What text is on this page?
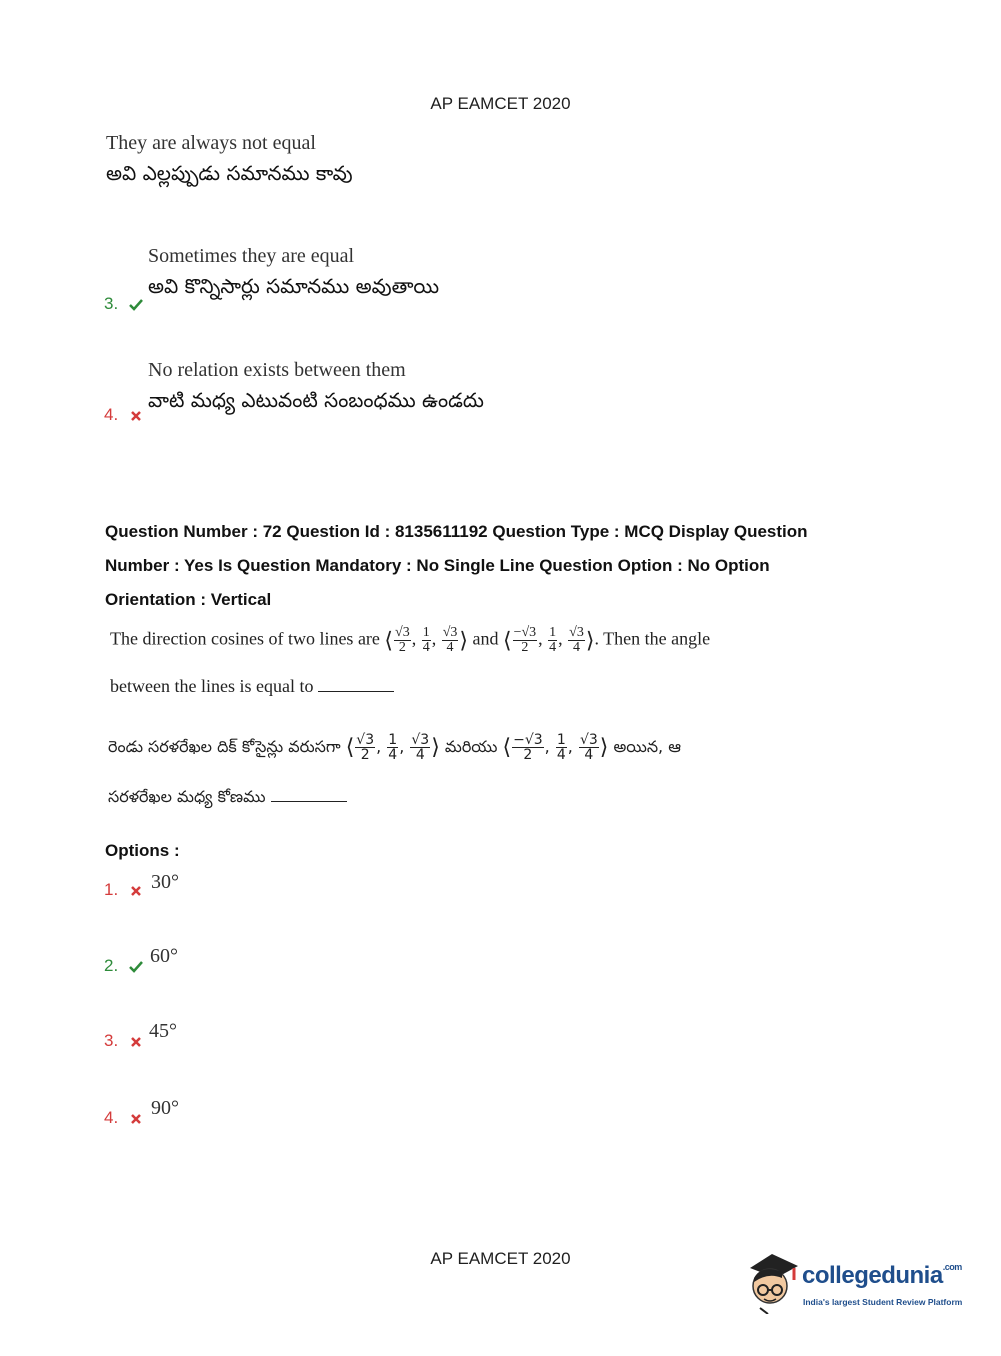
AP EAMCET 2020
They are always not equal
అవి ఎల్లప్పుడు సమానము కావు
Sometimes they are equal
అవి కొన్నిసార్లు సమానము అవుతాయి
3.
No relation exists between them
వాటి మధ్య ఎటువంటి సంబంధము ఉండదు
4.
Question Number : 72 Question Id : 8135611192 Question Type : MCQ Display Question
Number : Yes Is Question Mandatory : No Single Line Question Option : No Option
Orientation : Vertical
The direction cosines of two lines are ⟨ $\frac{√3}{2}$ , $\frac{1}{4}$ , $\frac{√3}{4}$ ⟩ and ⟨ $\frac{-√3}{2}$ , $\frac{1}{4}$ , $\frac{√3}{4}$ ⟩. Then the angle
between the lines is equal to
రెండు సరళరేఖల దిక్ కోసైన్లు వరుసగా ⟨ $\frac{√3}{2}$ , $\frac{1}{4}$ , $\frac{√3}{4}$ ⟩ మరియు ⟨ $\frac{-√3}{2}$ , $\frac{1}{4}$ , $\frac{√3}{4}$ ⟩ అయిన, ఆ
సరళరేఖల మధ్య కోణము
Options :
1.	30°
2.	60°
3.	45°
4.	90°
AP EAMCET 2020
collegedunia$^{.com}$
India's largest Student Review Platform
